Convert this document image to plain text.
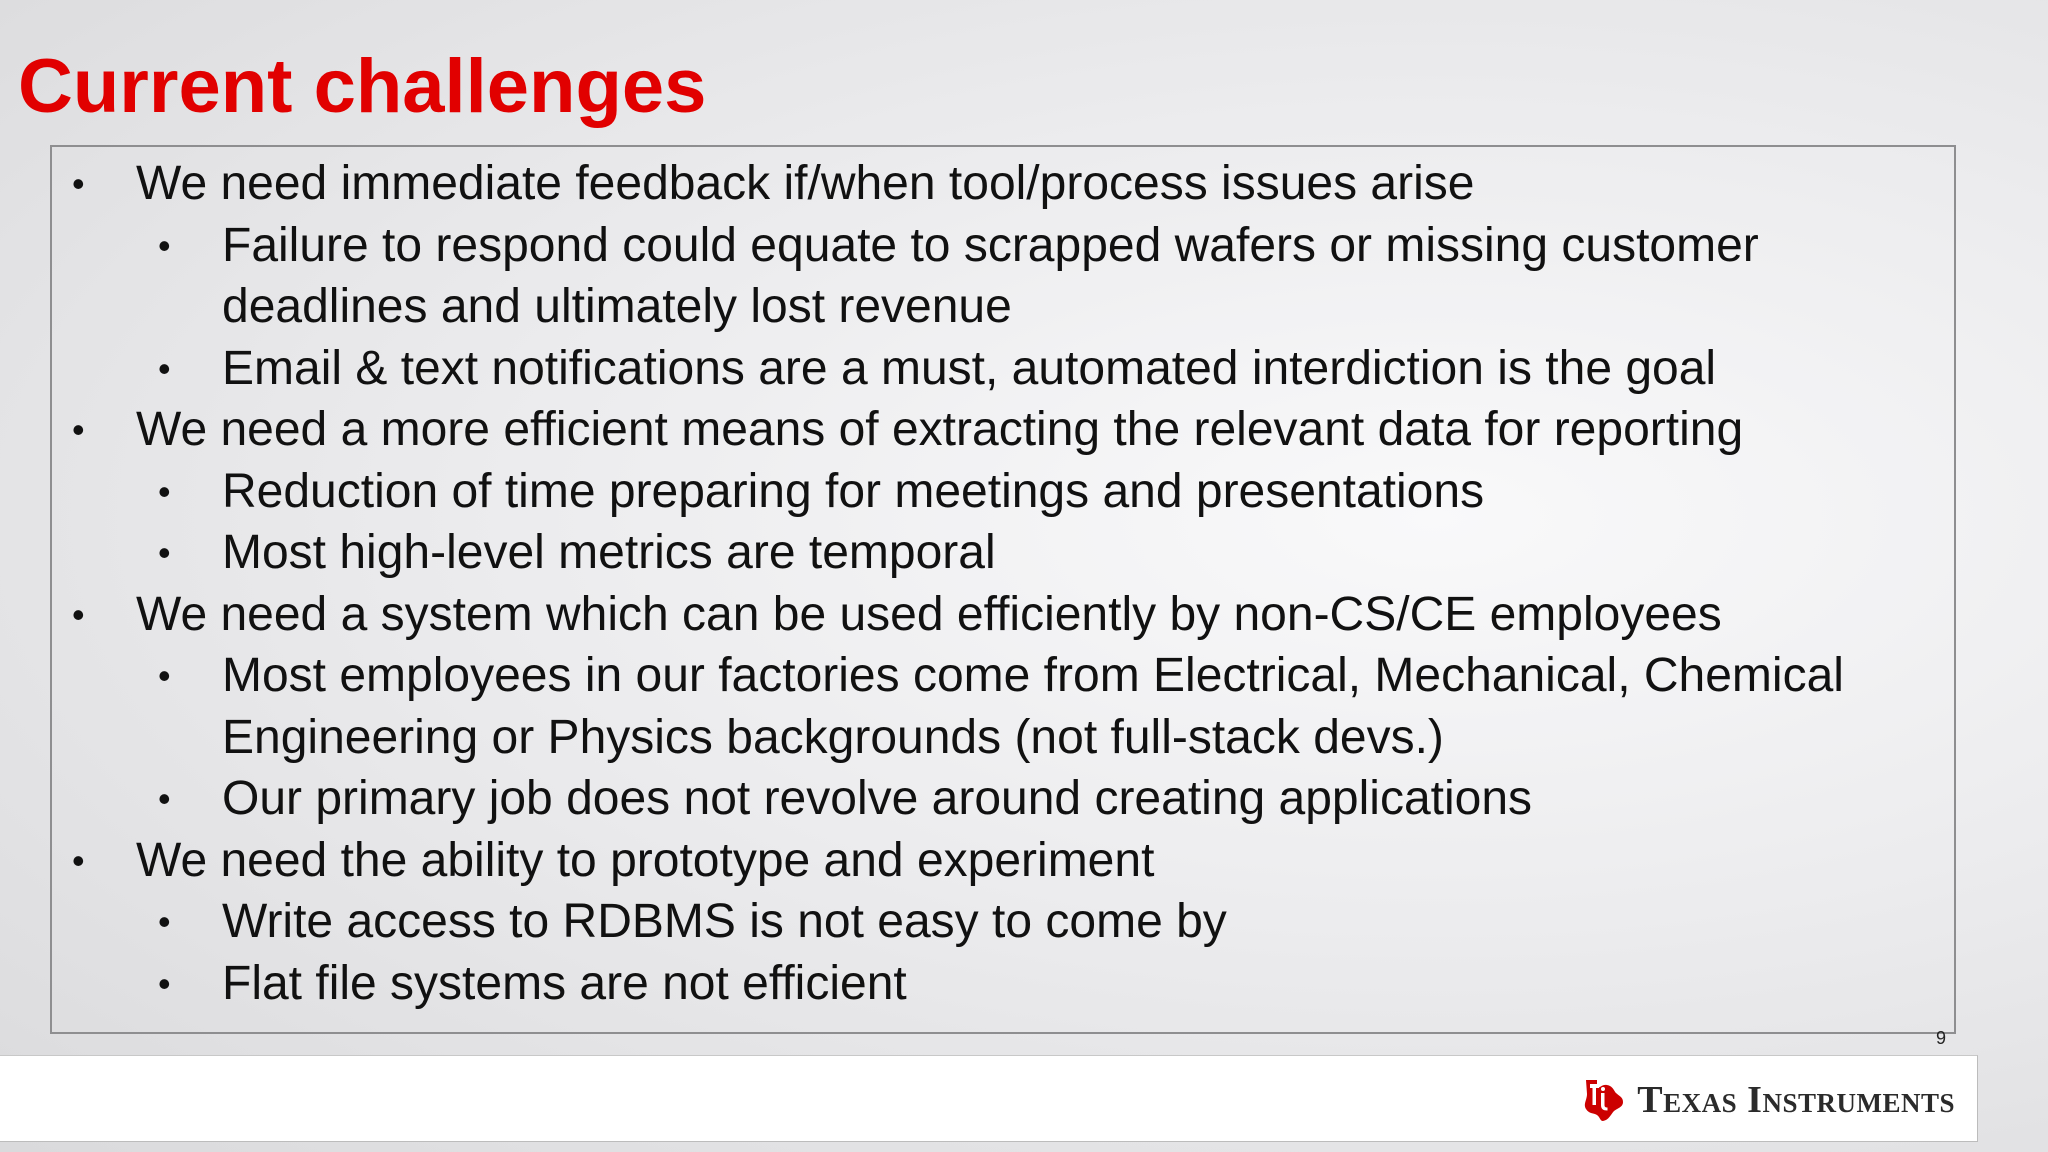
Current challenges
• We need immediate feedback if/when tool/process issues arise
• Failure to respond could equate to scrapped wafers or missing customer deadlines and ultimately lost revenue
• Email & text notifications are a must, automated interdiction is the goal
• We need a more efficient means of extracting the relevant data for reporting
• Reduction of time preparing for meetings and presentations
• Most high-level metrics are temporal
• We need a system which can be used efficiently by non-CS/CE employees
• Most employees in our factories come from Electrical, Mechanical, Chemical Engineering or Physics backgrounds (not full-stack devs.)
• Our primary job does not revolve around creating applications
• We need the ability to prototype and experiment
• Write access to RDBMS is not easy to come by
• Flat file systems are not efficient
9
Texas Instruments
